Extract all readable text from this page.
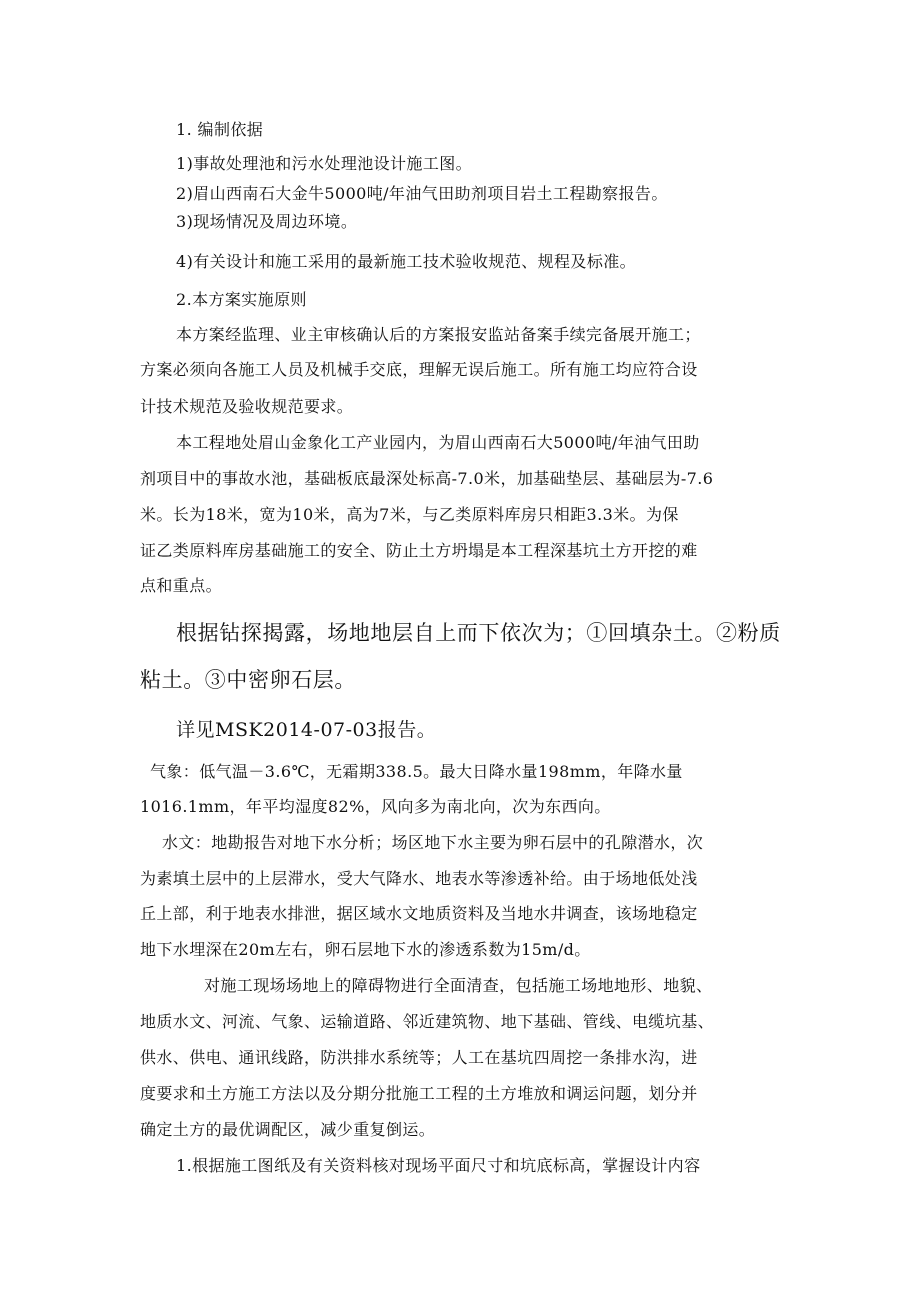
1. 编制依据

1)事故处理池和污水处理池设计施工图。

2)眉山西南石大金牛5000吨/年油气田助剂项目岩土工程勘察报告。

3)现场情况及周边环境。

4)有关设计和施工采用的最新施工技术验收规范、规程及标准。

2.本方案实施原则

本方案经监理、业主审核确认后的方案报安监站备案手续完备展开施工；

方案必须向各施工人员及机械手交底，理解无误后施工。所有施工均应符合设

计技术规范及验收规范要求。

本工程地处眉山金象化工产业园内，为眉山西南石大5000吨/年油气田助

剂项目中的事故水池，基础板底最深处标高-7.0米，加基础垫层、基础层为-7.6

米。长为18米，宽为10米，高为7米，与乙类原料库房只相距3.3米。为保

证乙类原料库房基础施工的安全、防止土方坍塌是本工程深基坑土方开挖的难

点和重点。

根据钻探揭露，场地地层自上而下依次为；①回填杂土。②粉质

粘土。③中密卵石层。

详见MSK2014-07-03报告。

气象：低气温－3.6℃，无霜期338.5。最大日降水量198mm，年降水量

1016.1mm，年平均湿度82%，风向多为南北向，次为东西向。

水文：地勘报告对地下水分析；场区地下水主要为卵石层中的孔隙潜水，次

为素填土层中的上层滞水，受大气降水、地表水等渗透补给。由于场地低处浅

丘上部，利于地表水排泄，据区域水文地质资料及当地水井调查，该场地稳定

地下水埋深在20m左右，卵石层地下水的渗透系数为15m/d。

对施工现场场地上的障碍物进行全面清查，包括施工场地地形、地貌、

地质水文、河流、气象、运输道路、邻近建筑物、地下基础、管线、电缆坑基、

供水、供电、通讯线路，防洪排水系统等；人工在基坑四周挖一条排水沟，进

度要求和土方施工方法以及分期分批施工工程的土方堆放和调运问题，划分并

确定土方的最优调配区，减少重复倒运。

1.根据施工图纸及有关资料核对现场平面尺寸和坑底标高，掌握设计内容
